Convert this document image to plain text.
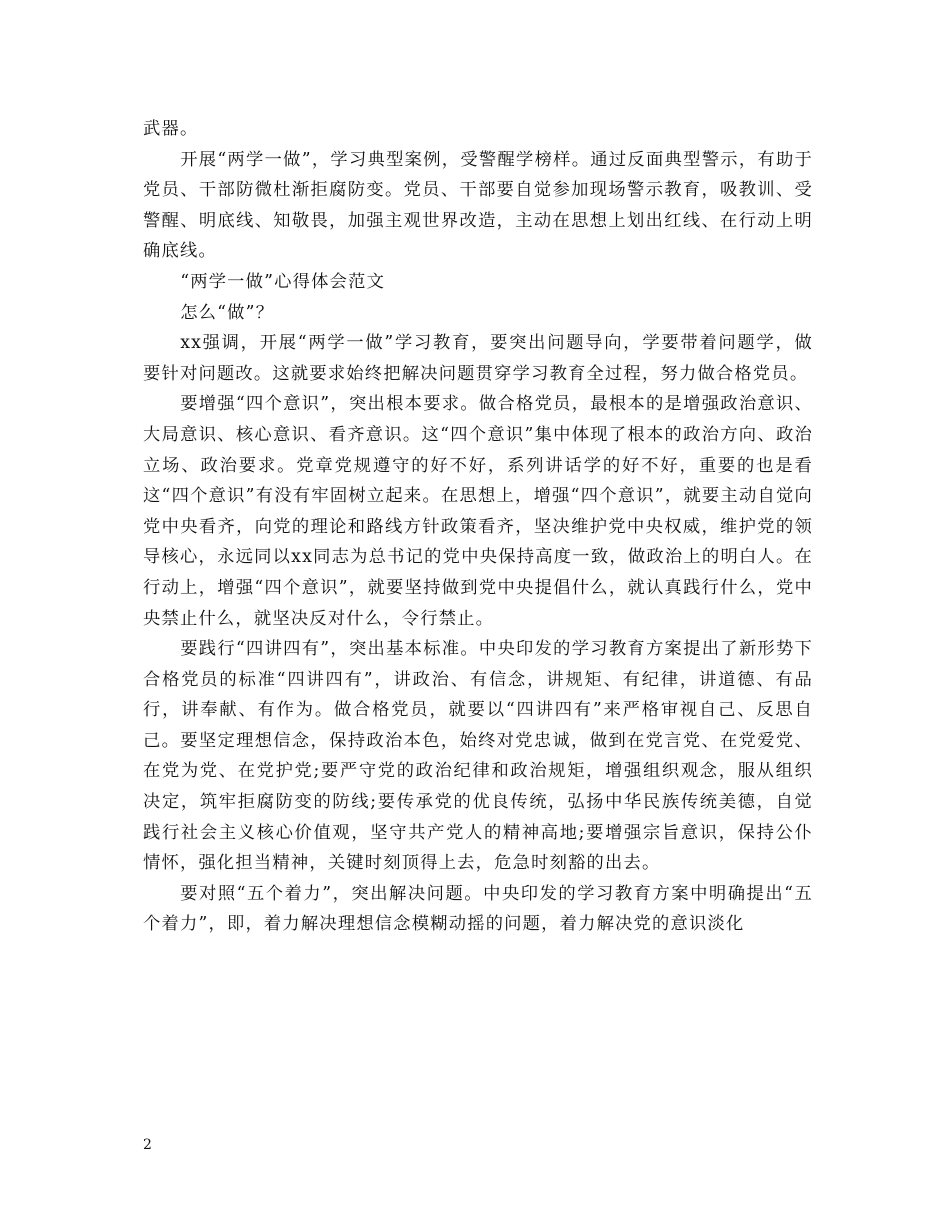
武器。

开展“两学一做”，学习典型案例，受警醒学榜样。通过反面典型警示，有助于党员、干部防微杜渐拒腐防变。党员、干部要自觉参加现场警示教育，吸教训、受警醒、明底线、知敬畏，加强主观世界改造，主动在思想上划出红线、在行动上明确底线。

“两学一做”心得体会范文

怎么“做”？

xx强调，开展“两学一做”学习教育，要突出问题导向，学要带着问题学，做要针对问题改。这就要求始终把解决问题贯穿学习教育全过程，努力做合格党员。

要增强“四个意识”，突出根本要求。做合格党员，最根本的是增强政治意识、大局意识、核心意识、看齐意识。这“四个意识”集中体现了根本的政治方向、政治立场、政治要求。党章党规遵守的好不好，系列讲话学的好不好，重要的也是看这“四个意识”有没有牢固树立起来。在思想上，增强“四个意识”，就要主动自觉向党中央看齐，向党的理论和路线方针政策看齐，坚决维护党中央权威，维护党的领导核心，永远同以xx同志为总书记的党中央保持高度一致，做政治上的明白人。在行动上，增强“四个意识”，就要坚持做到党中央提倡什么，就认真践行什么，党中央禁止什么，就坚决反对什么，令行禁止。

要践行“四讲四有”，突出基本标准。中央印发的学习教育方案提出了新形势下合格党员的标准“四讲四有”，讲政治、有信念，讲规矩、有纪律，讲道德、有品行，讲奉献、有作为。做合格党员，就要以“四讲四有”来严格审视自己、反思自己。要坚定理想信念，保持政治本色，始终对党忠诚，做到在党言党、在党爱党、在党为党、在党护党;要严守党的政治纪律和政治规矩，增强组织观念，服从组织决定，筑牢拒腐防变的防线;要传承党的优良传统，弘扬中华民族传统美德，自觉践行社会主义核心价值观，坚守共产党人的精神高地;要增强宗旨意识，保持公仆情怀，强化担当精神，关键时刻顶得上去，危急时刻豁的出去。

要对照“五个着力”，突出解决问题。中央印发的学习教育方案中明确提出“五个着力”，即，着力解决理想信念模糊动摇的问题，着力解决党的意识淡化

2
